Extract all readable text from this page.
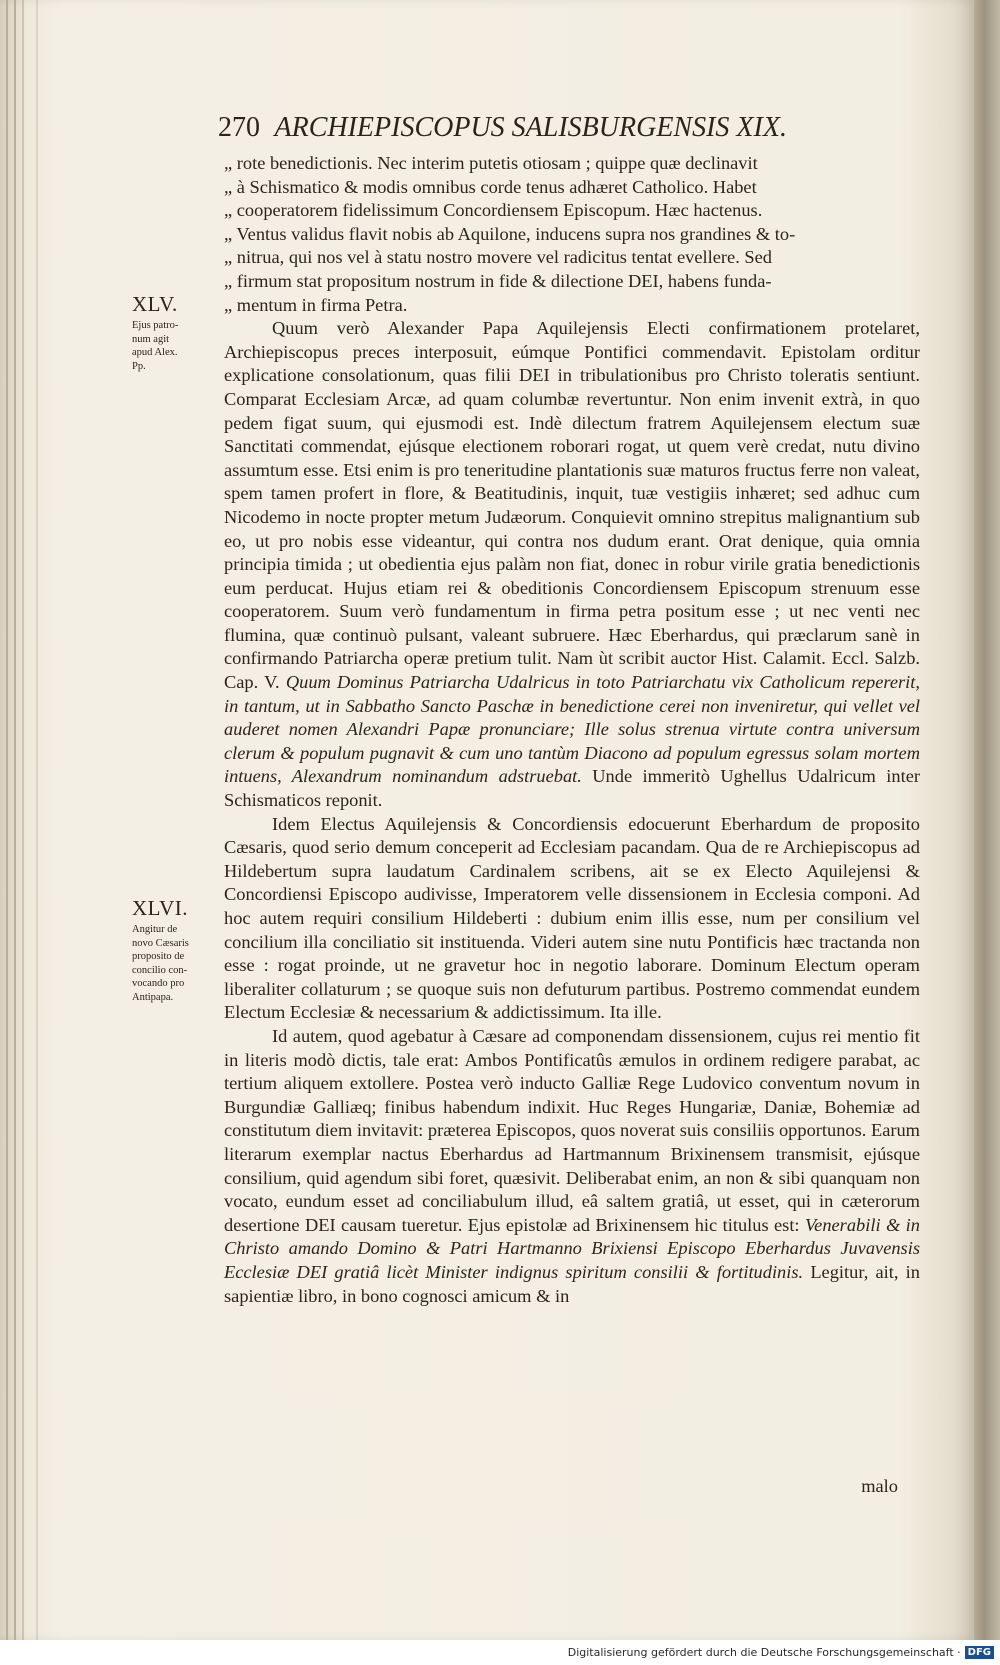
270 ARCHIEPISCOPUS SALISBURGENSIS XIX.
XLV.
Ejus patro-
num agit
apud Alex.
Pp.
XLVI.
Angitur de
novo Cæsaris
proposito de
concilio con-
vocando pro
Antipapa.
„ rote benedictionis. Nec interim putetis otiosam ; quippe quæ declinavit
„ à Schismatico & modis omnibus corde tenus adhæret Catholico. Habet
„ cooperatorem fidelissimum Concordiensem Episcopum. Hæc hactenus.
„ Ventus validus flavit nobis ab Aquilone, inducens supra nos grandines & to-
„ nitrua, qui nos vel à statu nostro movere vel radicitus tentat evellere. Sed
„ firmum stat propositum nostrum in fide & dilectione DEI, habens funda-
„ mentum in firma Petra.

Quum verò Alexander Papa Aquilejensis Electi confirmationem protelaret, Archiepiscopus preces interposuit, eúmque Pontifici commendavit. Epistolam orditur explicatione consolationum, quas filii DEI in tribulationibus pro Christo toleratis sentiunt. Comparat Ecclesiam Arcæ, ad quam columbæ revertuntur. Non enim invenit extrà, in quo pedem figat suum, qui ejusmodi est. Indè dilectum fratrem Aquilejensem electum suæ Sanctitati commendat, ejúsque electionem roborari rogat, ut quem verè credat, nutu divino assumtum esse. Etsi enim is pro teneritudine plantationis suæ maturos fructus ferre non valeat, spem tamen profert in flore, & Beatitudinis, inquit, tuæ vestigiis inhæret; sed adhuc cum Nicodemo in nocte propter metum Judæorum. Conquievit omnino strepitus malignantium sub eo, ut pro nobis esse videantur, qui contra nos dudum erant. Orat denique, quia omnia principia timida ; ut obedientia ejus palàm non fiat, donec in robur virile gratia benedictionis eum perducat. Hujus etiam rei & obeditionis Concordiensem Episcopum strenuum esse cooperatorem. Suum verò fundamentum in firma petra positum esse ; ut nec venti nec flumina, quæ continuò pulsant, valeant subruere. Hæc Eberhardus, qui præclarum sanè in confirmando Patriarcha operæ pretium tulit. Nam ùt scribit auctor Hist. Calamit. Eccl. Salzb. Cap. V. Quum Dominus Patriarcha Udalricus in toto Patriarchatu vix Catholicum repererit, in tantum, ut in Sabbatho Sancto Paschæ in benedictione cerei non inveniretur, qui vellet vel auderet nomen Alexandri Papæ pronunciare; Ille solus strenua virtute contra universum clerum & populum pugnavit & cum uno tantùm Diacono ad populum egressus solam mortem intuens, Alexandrum nominandum adstruebat. Unde immeritò Ughellus Udalricum inter Schismaticos reponit.

Idem Electus Aquilejensis & Concordiensis edocuerunt Eberhardum de proposito Cæsaris, quod serio demum conceperit ad Ecclesiam pacandam. Qua de re Archiepiscopus ad Hildebertum supra laudatum Cardinalem scribens, ait se ex Electo Aquilejensi & Concordiensi Episcopo audivisse, Imperatorem velle dissensionem in Ecclesia componi. Ad hoc autem requiri consilium Hildeberti : dubium enim illis esse, num per consilium vel concilium illa conciliatio sit instituenda. Videri autem sine nutu Pontificis hæc tractanda non esse : rogat proinde, ut ne gravetur hoc in negotio laborare. Dominum Electum operam liberaliter collaturum ; se quoque suis non defuturum partibus. Postremo commendat eundem Electum Ecclesiæ & necessarium & addictissimum. Ita ille.

Id autem, quod agebatur à Cæsare ad componendam dissensionem, cujus rei mentio fit in literis modò dictis, tale erat: Ambos Pontificatûs æmulos in ordinem redigere parabat, ac tertium aliquem extollere. Postea verò inducto Galliæ Rege Ludovico conventum novum in Burgundiæ Galliæq; finibus habendum indixit. Huc Reges Hungariæ, Daniæ, Bohemiæ ad constitutum diem invitavit: præterea Episcopos, quos noverat suis consiliis opportunos. Earum literarum exemplar nactus Eberhardus ad Hartmannum Brixinensem transmisit, ejúsque consilium, quid agendum sibi foret, quæsivit. Deliberabat enim, an non & sibi quanquam non vocato, eundum esset ad conciliabulum illud, eâ saltem gratiâ, ut esset, qui in cæterorum desertione DEI causam tueretur. Ejus epistolæ ad Brixinensem hic titulus est: Venerabili & in Christo amando Domino & Patri Hartmanno Brixiensi Episcopo Eberhardus Juvavensis Ecclesiæ DEI gratiâ licèt Minister indignus spiritum consilii & fortitudinis. Legitur, ait, in sapientiæ libro, in bono cognosci amicum & in

malo
Digitalisierung gefördert durch die Deutsche Forschungsgemeinschaft · DFG
